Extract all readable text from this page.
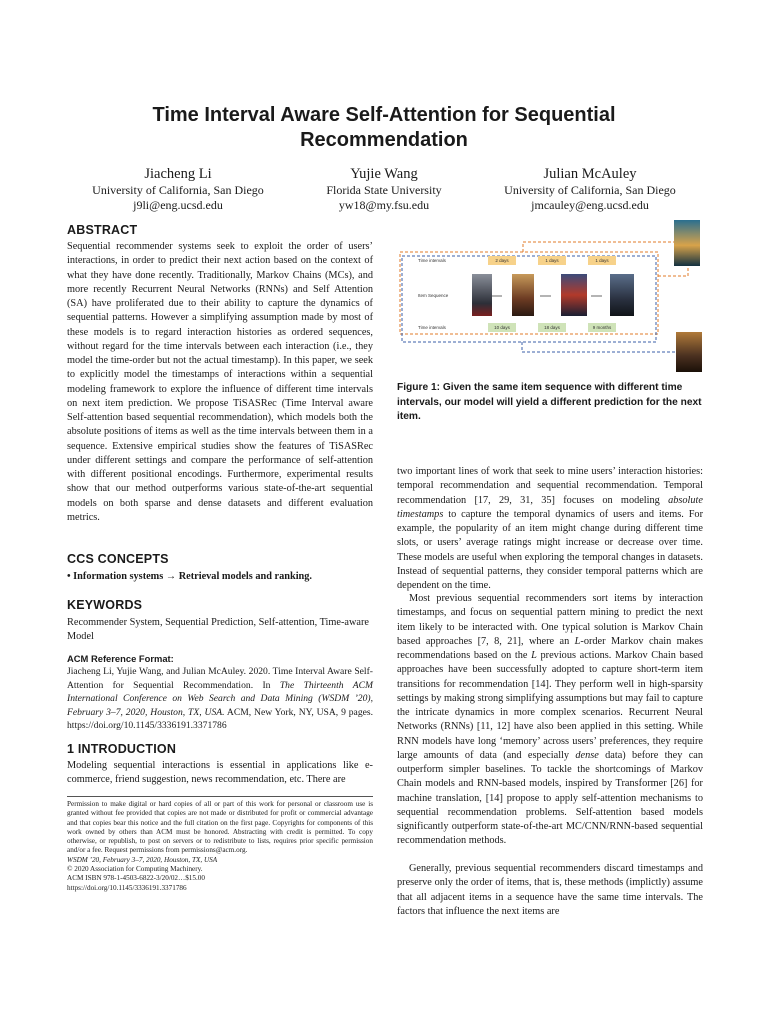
Time Interval Aware Self-Attention for Sequential Recommendation
Jiacheng Li
University of California, San Diego
j9li@eng.ucsd.edu
Yujie Wang
Florida State University
yw18@my.fsu.edu
Julian McAuley
University of California, San Diego
jmcauley@eng.ucsd.edu
ABSTRACT
Sequential recommender systems seek to exploit the order of users’ interactions, in order to predict their next action based on the context of what they have done recently. Traditionally, Markov Chains (MCs), and more recently Recurrent Neural Networks (RNNs) and Self Attention (SA) have proliferated due to their ability to capture the dynamics of sequential patterns. However a simplifying assumption made by most of these models is to regard interaction histories as ordered sequences, without regard for the time intervals between each interaction (i.e., they model the time-order but not the actual timestamp). In this paper, we seek to explicitly model the timestamps of interactions within a sequential modeling framework to explore the influence of different time intervals on next item prediction. We propose TiSASRec (Time Interval aware Self-attention based sequential recommendation), which models both the absolute positions of items as well as the time intervals between them in a sequence. Extensive empirical studies show the features of TiSASRec under different settings and compare the performance of self-attention with different positional encodings. Furthermore, experimental results show that our method outperforms various state-of-the-art sequential models on both sparse and dense datasets and different evaluation metrics.
CCS CONCEPTS
• Information systems → Retrieval models and ranking.
KEYWORDS
Recommender System, Sequential Prediction, Self-attention, Time-aware Model
ACM Reference Format:
Jiacheng Li, Yujie Wang, and Julian McAuley. 2020. Time Interval Aware Self-Attention for Sequential Recommendation. In The Thirteenth ACM International Conference on Web Search and Data Mining (WSDM ’20), February 3–7, 2020, Houston, TX, USA. ACM, New York, NY, USA, 9 pages. https://doi.org/10.1145/3336191.3371786
1 INTRODUCTION
Modeling sequential interactions is essential in applications like e-commerce, friend suggestion, news recommendation, etc. There are
Permission to make digital or hard copies of all or part of this work for personal or classroom use is granted without fee provided that copies are not made or distributed for profit or commercial advantage and that copies bear this notice and the full citation on the first page. Copyrights for components of this work owned by others than ACM must be honored. Abstracting with credit is permitted. To copy otherwise, or republish, to post on servers or to redistribute to lists, requires prior specific permission and/or a fee. Request permissions from permissions@acm.org.
WSDM ’20, February 3–7, 2020, Houston, TX, USA
© 2020 Association for Computing Machinery.
ACM ISBN 978-1-4503-6822-3/20/02…$15.00
https://doi.org/10.1145/3336191.3371786
Time intervals
Item Sequence
Time intervals
2 days	1 days	1 days
10 days	18 days	9 months
Figure 1: Given the same item sequence with different time intervals, our model will yield a different prediction for the next item.
two important lines of work that seek to mine users’ interaction histories: temporal recommendation and sequential recommendation. Temporal recommendation [17, 29, 31, 35] focuses on modeling absolute timestamps to capture the temporal dynamics of users and items. For example, the popularity of an item might change during different time slots, or users’ average ratings might increase or decrease over time. These models are useful when exploring the temporal changes in datasets. Instead of sequential patterns, they consider temporal patterns which are dependent on the time.
Most previous sequential recommenders sort items by interaction timestamps, and focus on sequential pattern mining to predict the next item likely to be interacted with. One typical solution is Markov Chain based approaches [7, 8, 21], where an L-order Markov chain makes recommendations based on the L previous actions. Markov Chain based approaches have been successfully adopted to capture short-term item transitions for recommendation [14]. They perform well in high-sparsity settings by making strong simplifying assumptions but may fail to capture the intricate dynamics in more complex scenarios. Recurrent Neural Networks (RNNs) [11, 12] have also been applied in this setting. While RNN models have long ‘memory’ across users’ preferences, they require large amounts of data (and especially dense data) before they can outperform simpler baselines. To tackle the shortcomings of Markov Chain models and RNN-based models, inspired by Transformer [26] for machine translation, [14] propose to apply self-attention mechanisms to sequential recommendation problems. Self-attention based models significantly outperform state-of-the-art MC/CNN/RNN-based sequential recommendation methods.
Generally, previous sequential recommenders discard timestamps and preserve only the order of items, that is, these methods (implictly) assume that all adjacent items in a sequence have the same time intervals. The factors that influence the next items are
